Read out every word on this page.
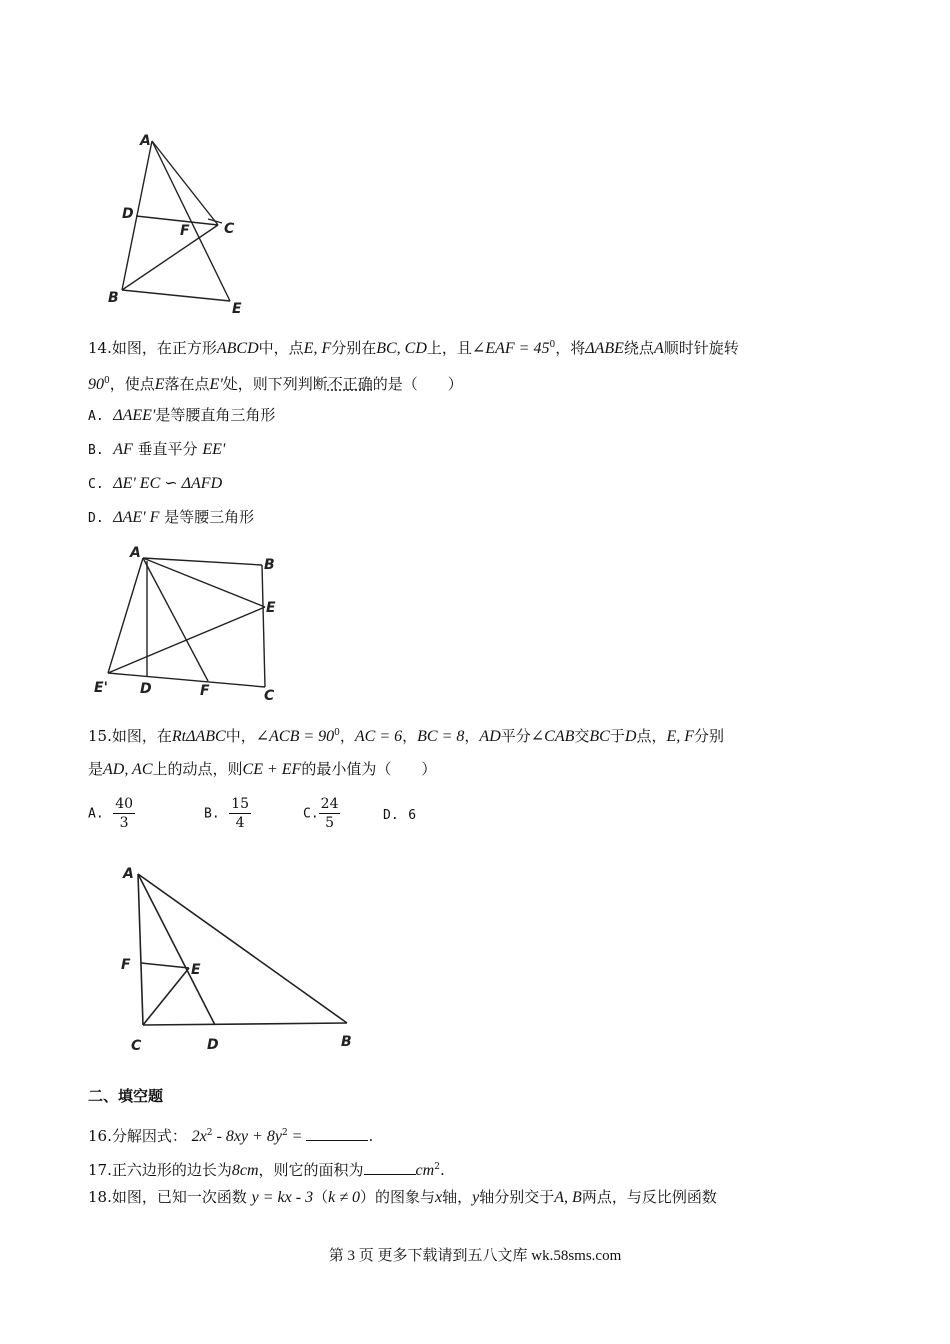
A
D
F C
B
E
14.如图，在正方形ABCD中，点E, F分别在BC, CD上，且∠EAF = $45^0$，将ΔABE绕点A顺时针旋转
$90^0$，使点E落在点E'处，则下列判断不正确的是（　　）
A. ΔAEE'是等腰直角三角形
B. AF 垂直平分 EE'
C. ΔE' EC ∽ ΔAFD
D. ΔAE' F 是等腰三角形
A
B
E
E' D	F	C
15.如图，在RtΔABC中，∠ACB = $90^0$，AC = 6，BC = 8，AD平分∠CAB交BC于D点，E, F分别
是AD, AC上的动点，则CE + EF的最小值为（　　）
A. $\frac{40}{3}$	B. $\frac{15}{4}$	C. $\frac{24}{5}$	D. 6
A
F	E
C	D	B
二、填空题
16.分解因式： $2x^2 - 8xy + 8y^2$ =	.
17.正六边形的边长为8cm，则它的面积为	$cm^2$.
18.如图，已知一次函数 y = kx - 3（k ≠ 0）的图象与x轴，y轴分别交于A, B两点，与反比例函数
第 3 页 更多下载请到五八文库 wk.58sms.com
